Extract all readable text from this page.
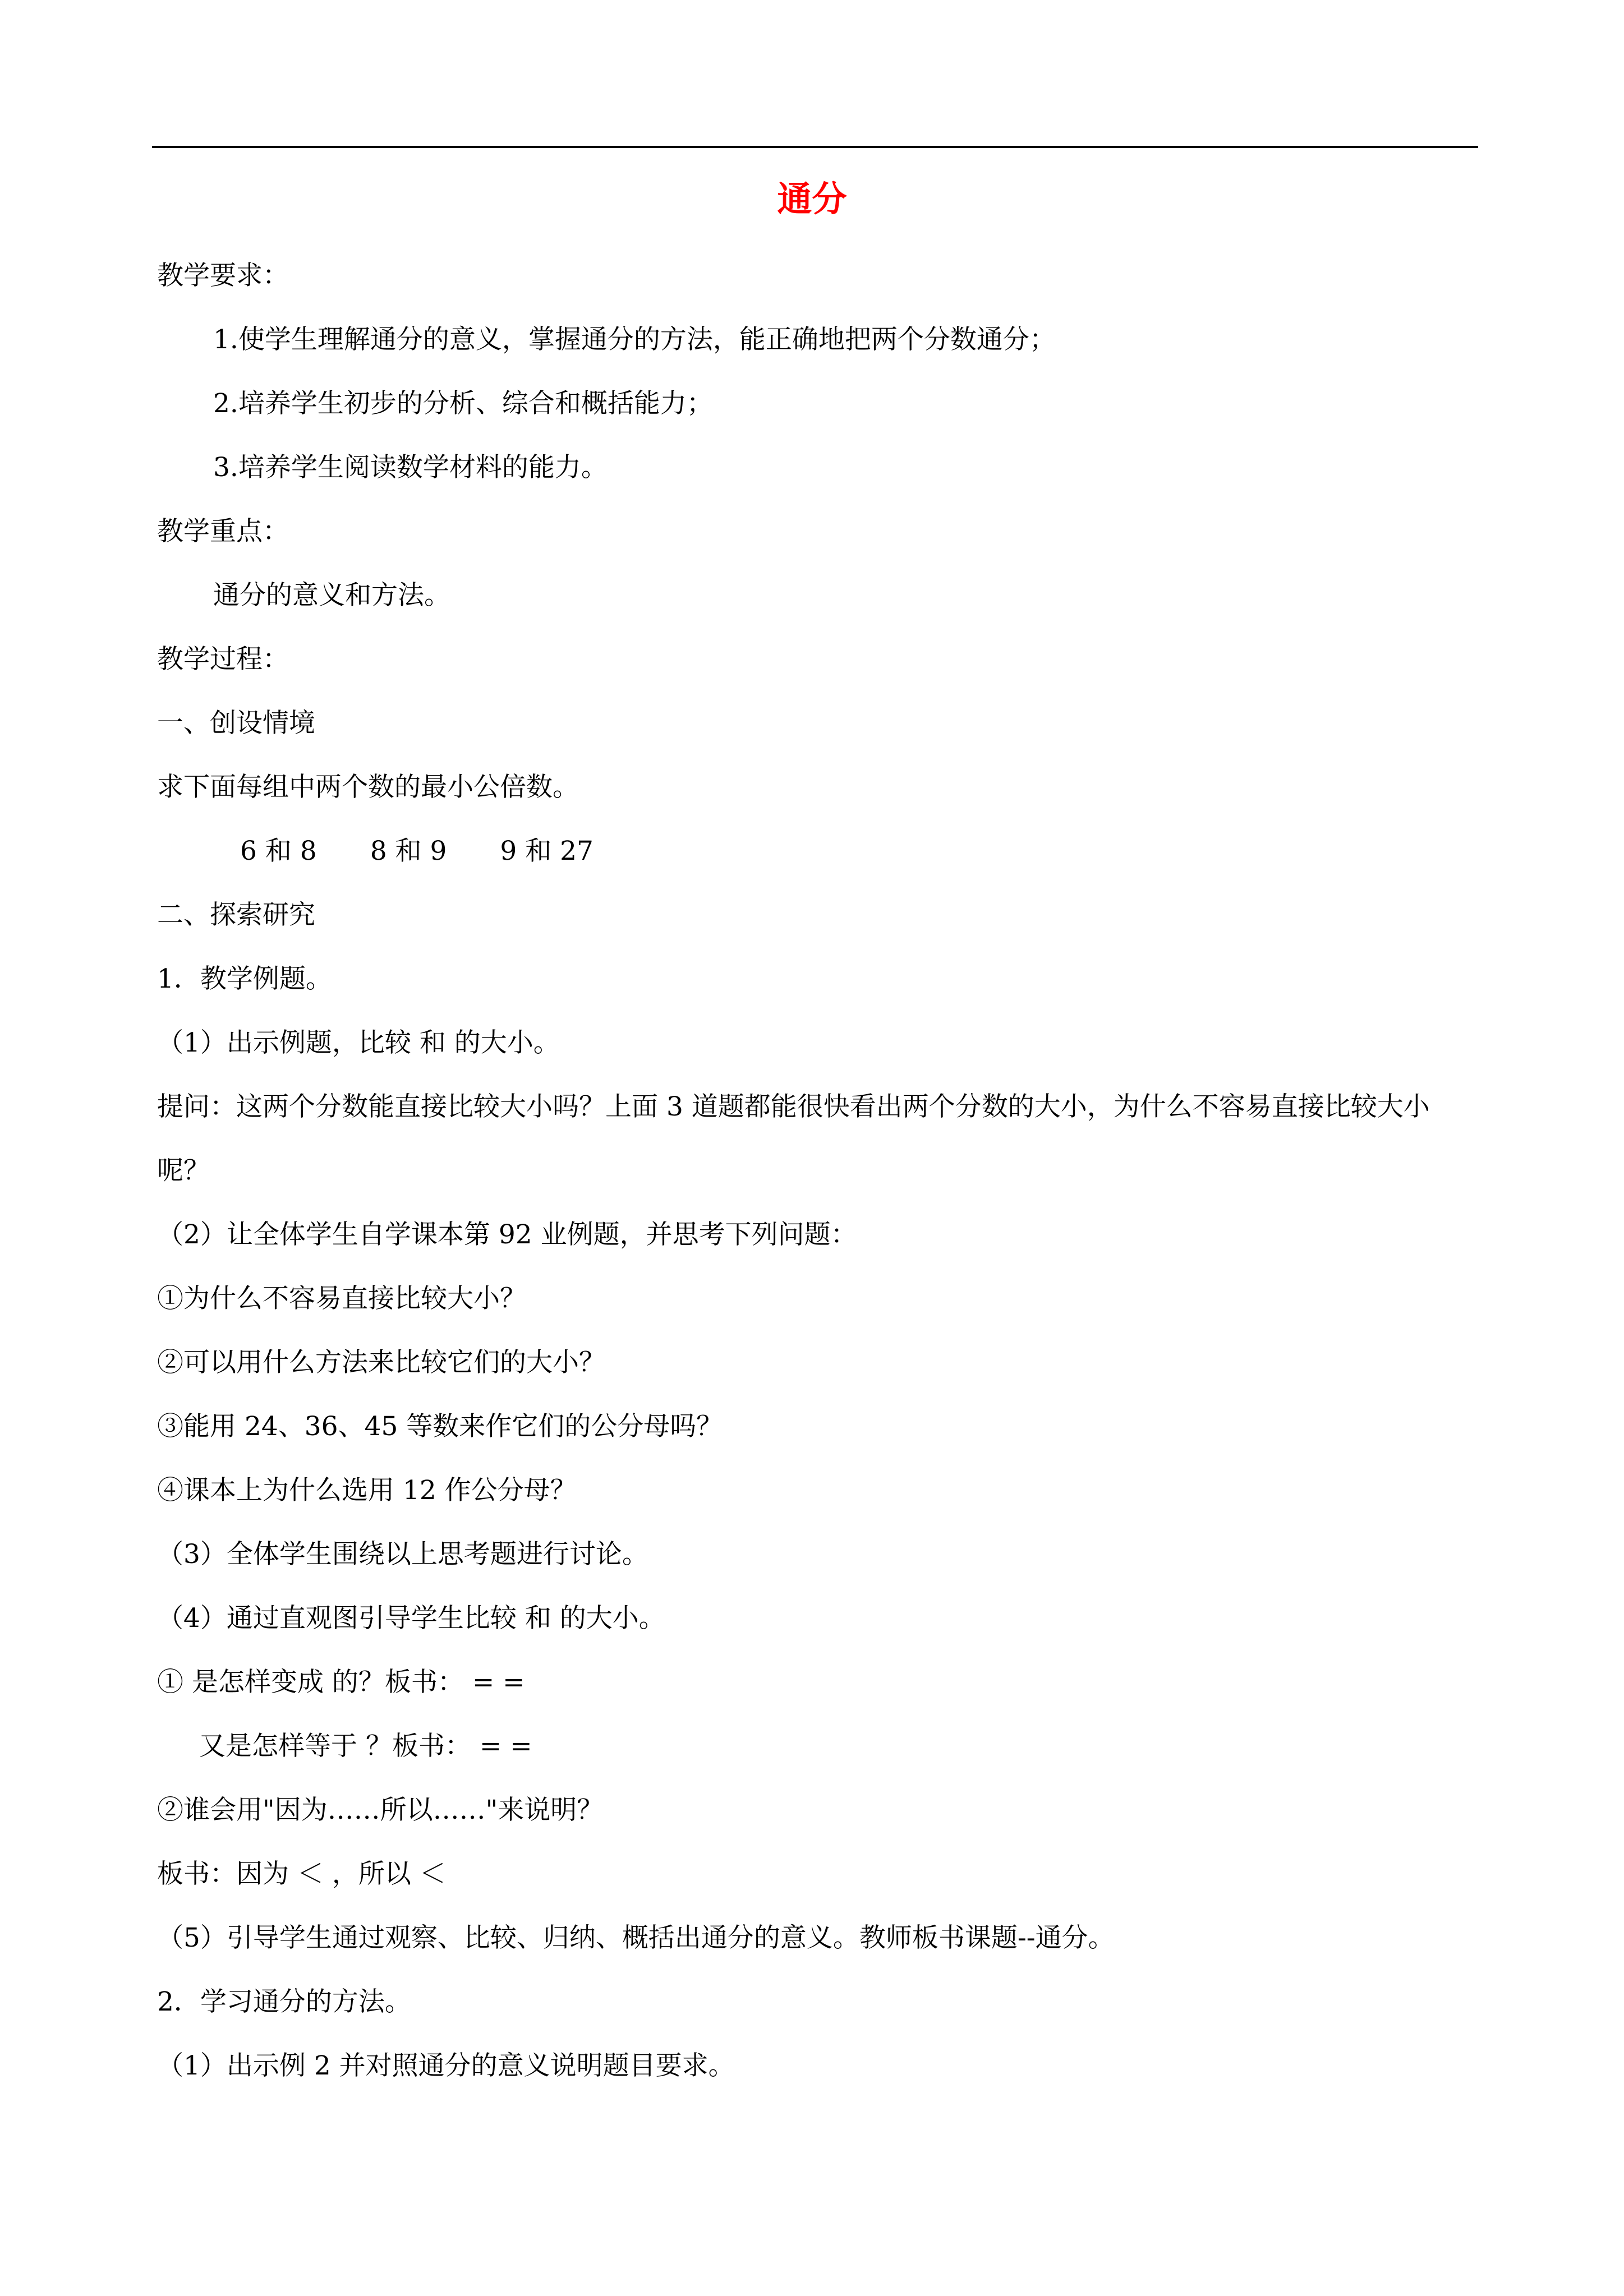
通分
教学要求：
1.使学生理解通分的意义，掌握通分的方法，能正确地把两个分数通分；
2.培养学生初步的分析、综合和概括能力；
3.培养学生阅读数学材料的能力。
教学重点：
通分的意义和方法。
教学过程：
一、创设情境
求下面每组中两个数的最小公倍数。
6 和 8 8 和 9 9 和 27
二、探索研究
1．教学例题。
（1）出示例题，比较 和 的大小。
提问：这两个分数能直接比较大小吗？上面 3 道题都能很快看出两个分数的大小，为什么不容易直接比较大小呢？
（2）让全体学生自学课本第 92 业例题，并思考下列问题：
①为什么不容易直接比较大小？
②可以用什么方法来比较它们的大小？
③能用 24、36、45 等数来作它们的公分母吗？
④课本上为什么选用 12 作公分母？
（3）全体学生围绕以上思考题进行讨论。
（4）通过直观图引导学生比较 和 的大小。
① 是怎样变成 的？板书： = =
又是怎样等于 ？板书： = =
②谁会用"因为……所以……"来说明？
板书：因为 ＜ ，所以 ＜
（5）引导学生通过观察、比较、归纳、概括出通分的意义。教师板书课题--通分。
2．学习通分的方法。
（1）出示例 2 并对照通分的意义说明题目要求。
